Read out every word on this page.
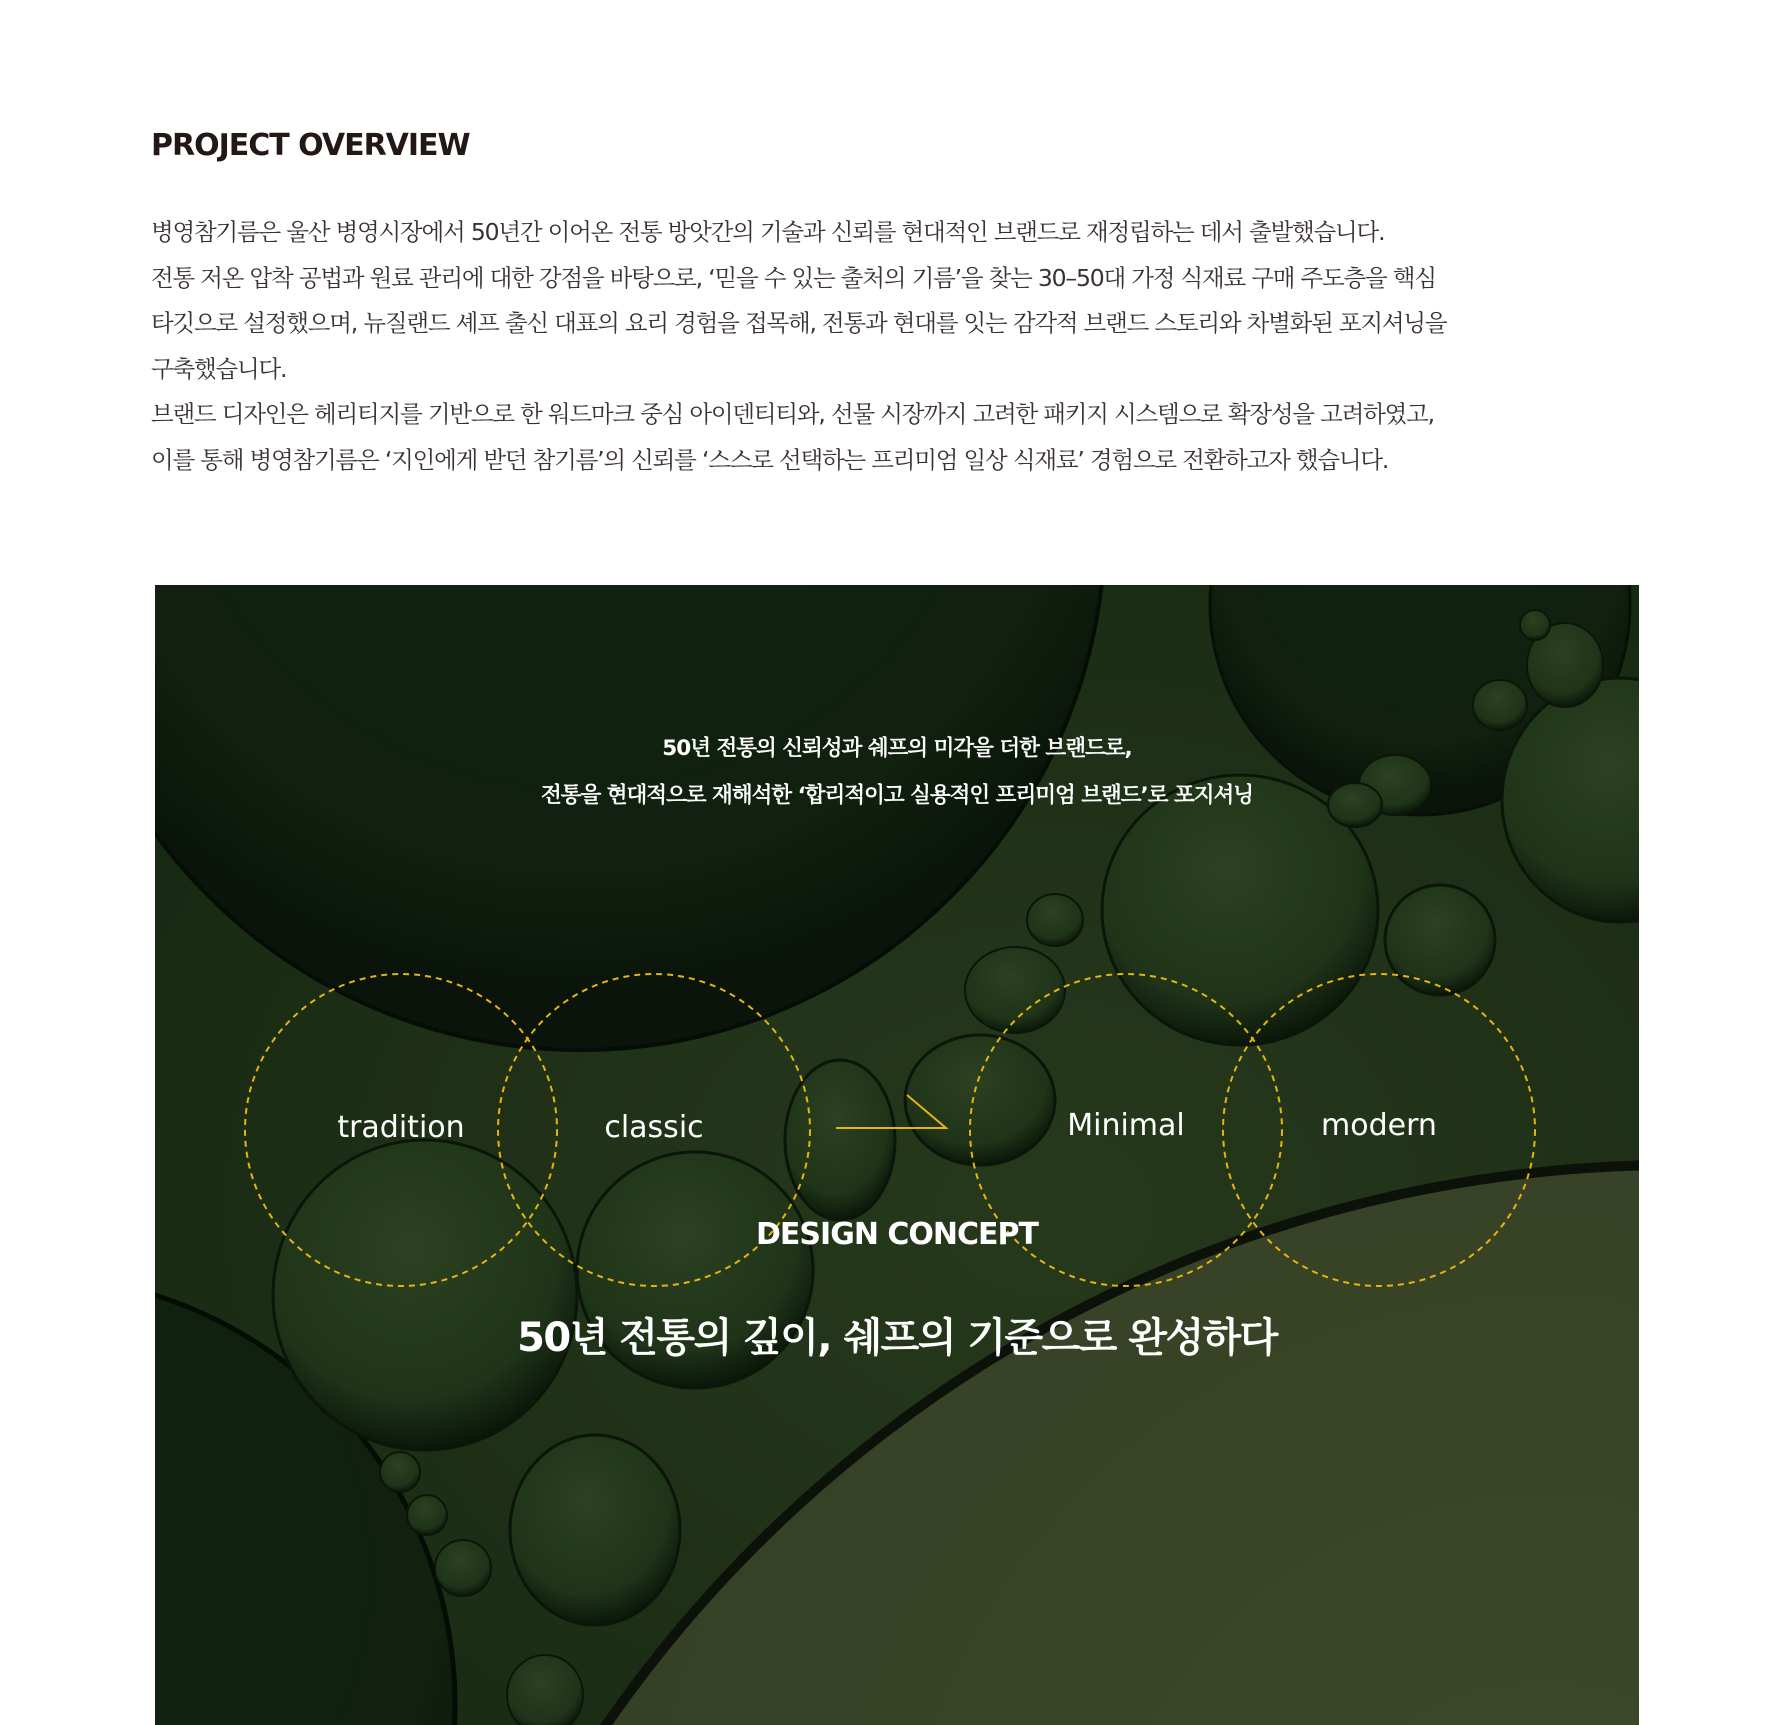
PROJECT OVERVIEW
병영참기름은 울산 병영시장에서 50년간 이어온 전통 방앗간의 기술과 신뢰를 현대적인 브랜드로 재정립하는 데서 출발했습니다.
전통 저온 압착 공법과 원료 관리에 대한 강점을 바탕으로, ‘믿을 수 있는 출처의 기름’을 찾는 30–50대 가정 식재료 구매 주도층을 핵심
타깃으로 설정했으며, 뉴질랜드 셰프 출신 대표의 요리 경험을 접목해, 전통과 현대를 잇는 감각적 브랜드 스토리와 차별화된 포지셔닝을
구축했습니다.
브랜드 디자인은 헤리티지를 기반으로 한 워드마크 중심 아이덴티티와, 선물 시장까지 고려한 패키지 시스템으로 확장성을 고려하였고,
이를 통해 병영참기름은 ‘지인에게 받던 참기름’의 신뢰를 ‘스스로 선택하는 프리미엄 일상 식재료’ 경험으로 전환하고자 했습니다.
50년 전통의 신뢰성과 쉐프의 미각을 더한 브랜드로,
전통을 현대적으로 재해석한 ‘합리적이고 실용적인 프리미엄 브랜드’로 포지셔닝
tradition	classic	Minimal	modern
DESIGN CONCEPT
50년 전통의 깊이, 쉐프의 기준으로 완성하다
